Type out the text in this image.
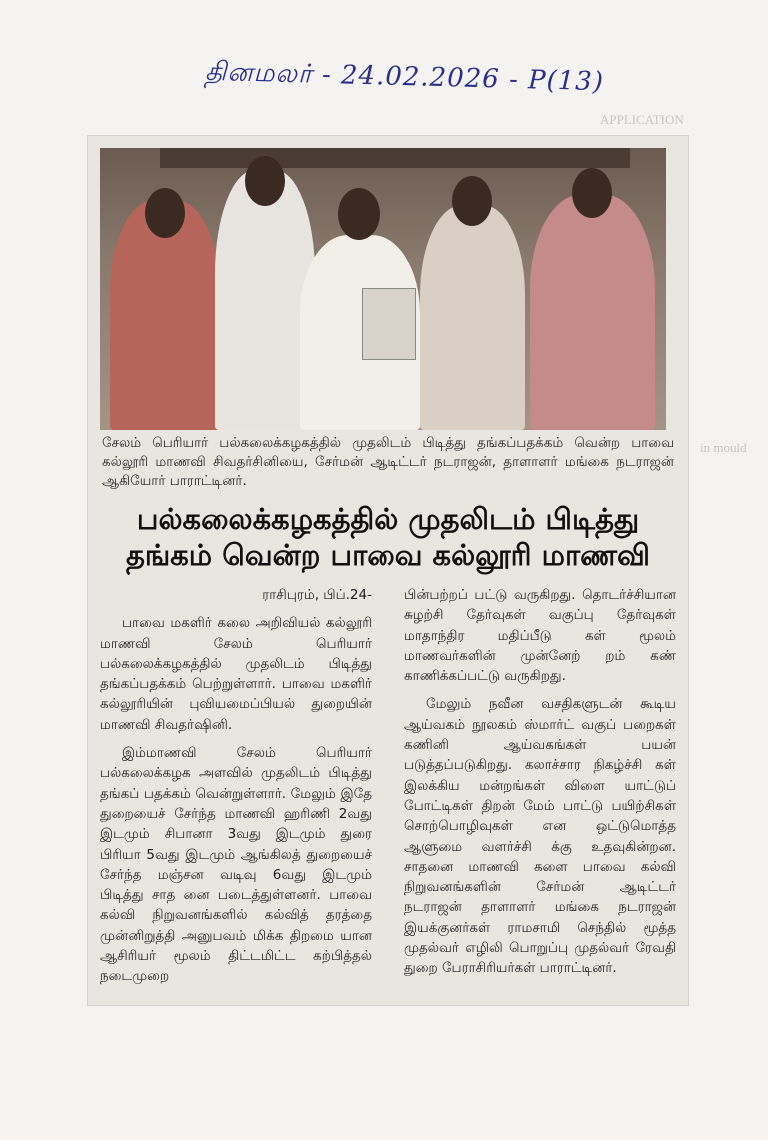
APPLICATION
in mould
தினமலர் - 24.02.2026 - P(13)
சேலம் பெரியார் பல்கலைக்கழகத்தில் முதலிடம் பிடித்து தங்கப்பதக்கம் வென்ற பாவை கல்லூரி மாணவி சிவதர்சினியை, சேர்மன் ஆடிட்டர் நடராஜன், தாளாளர் மங்கை நடராஜன் ஆகியோர் பாராட்டினர்.
பல்கலைக்கழகத்தில் முதலிடம் பிடித்து
தங்கம் வென்ற பாவை கல்லூரி மாணவி

ராசிபுரம், பிப்.24-

பாவை மகளிர் கலை அறிவியல் கல்லூரி மாணவி சேலம் பெரியார் பல்கலைக்கழகத்தில் முதலிடம் பிடித்து தங்கப்பதக்கம் பெற்றுள்ளார். பாவை மகளிர் கல்லூரியின் புவியமைப்பியல் துறையின் மாணவி சிவதர்ஷினி.

இம்மாணவி சேலம் பெரியார் பல்கலைக்கழக அளவில் முதலிடம் பிடித்து தங்கப் பதக்கம் வென்றுள்ளார். மேலும் இதே துறையைச் சேர்ந்த மாணவி ஹரிணி 2வது இடமும் சிபானா 3வது இடமும் துரை பிரியா 5வது இடமும் ஆங்கிலத் துறையைச் சேர்ந்த மஞ்சன வடிவு 6வது இடமும் பிடித்து சாத னை படைத்துள்ளனர். பாவை கல்வி நிறுவனங்களில் கல்வித் தரத்தை முன்னிறுத்தி அனுபவம் மிக்க திறமை யான ஆசிரியர் மூலம் திட்டமிட்ட கற்பித்தல் நடைமுறை

பின்பற்றப் பட்டு வருகிறது. தொடர்ச்சியான சுழற்சி தேர்வுகள் வகுப்பு தேர்வுகள் மாதாந்திர மதிப்பீடு கள் மூலம் மாணவர்களின் முன்னேற் றம் கண் காணிக்கப்பட்டு வருகிறது.

மேலும் நவீன வசதிகளுடன் கூடிய ஆய்வகம் நூலகம் ஸ்மார்ட் வகுப் பறைகள் கணினி ஆய்வகங்கள் பயன் படுத்தப்படுகிறது. கலாச்சார நிகழ்ச்சி கள் இலக்கிய மன்றங்கள் விளை யாட்டுப் போட்டிகள் திறன் மேம் பாட்டு பயிற்சிகள் சொற்பொழிவுகள் என ஒட்டுமொத்த ஆளுமை வளர்ச்சி க்கு உதவுகின்றன. சாதனை மாணவி களை பாவை கல்வி நிறுவனங்களின் சேர்மன் ஆடிட்டர் நடராஜன் தாளாளர் மங்கை நடராஜன் இயக்குனர்கள் ராமசாமி செந்தில் மூத்த முதல்வர் எழிலி பொறுப்பு முதல்வர் ரேவதி துறை பேராசிரியர்கள் பாராட்டினர்.
